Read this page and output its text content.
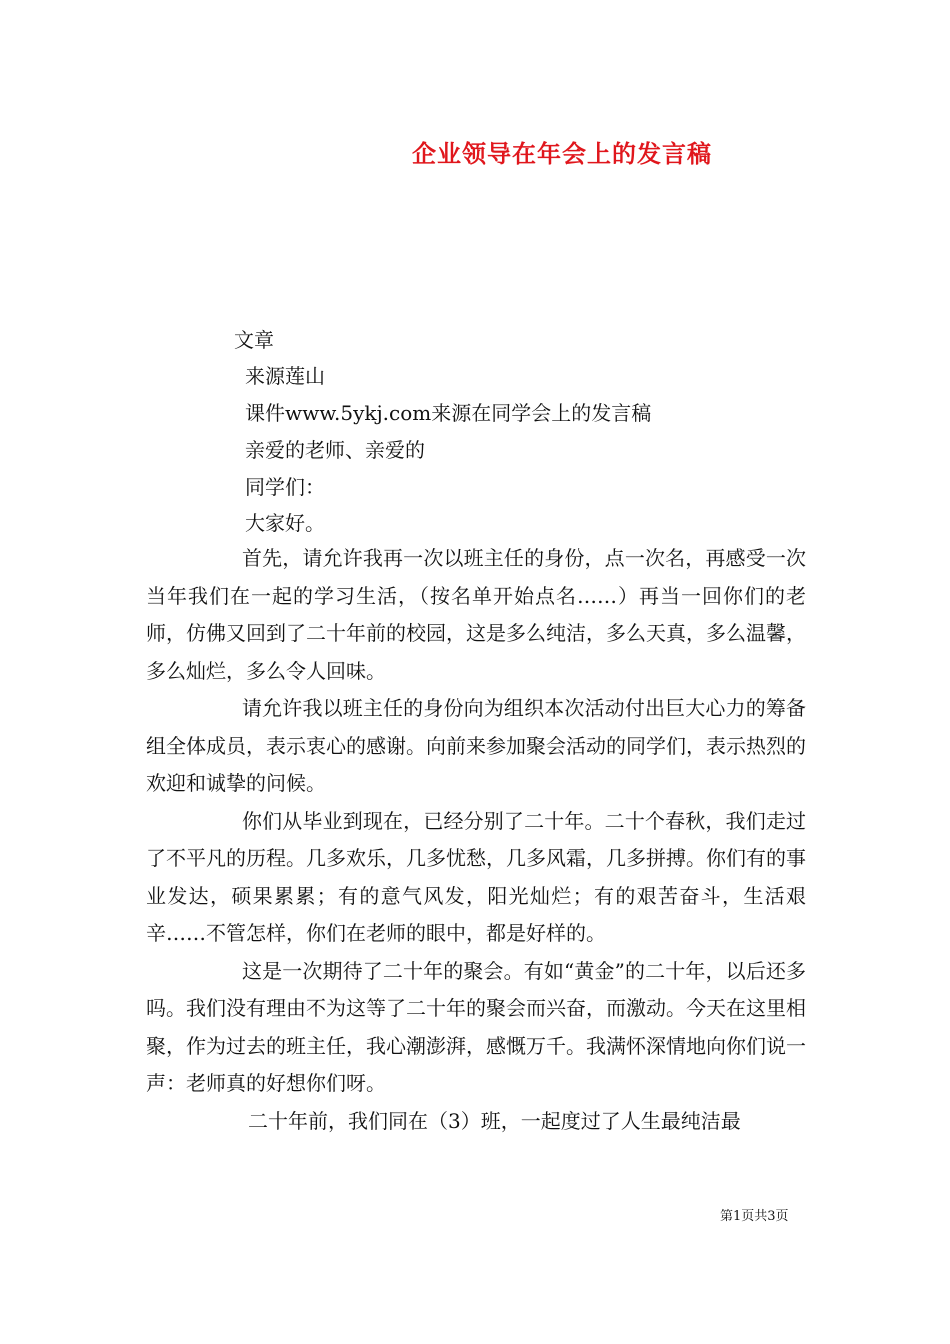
企业领导在年会上的发言稿
文章
来源莲山
课件www.5ykj.com来源在同学会上的发言稿
亲爱的老师、亲爱的
同学们：
大家好。

首先，请允许我再一次以班主任的身份，点一次名，再感受一次当年我们在一起的学习生活，（按名单开始点名……）再当一回你们的老师，仿佛又回到了二十年前的校园，这是多么纯洁，多么天真，多么温馨，多么灿烂，多么令人回味。

请允许我以班主任的身份向为组织本次活动付出巨大心力的筹备组全体成员，表示衷心的感谢。向前来参加聚会活动的同学们，表示热烈的欢迎和诚挚的问候。

你们从毕业到现在，已经分别了二十年。二十个春秋，我们走过了不平凡的历程。几多欢乐，几多忧愁，几多风霜，几多拼搏。你们有的事业发达，硕果累累；有的意气风发，阳光灿烂；有的艰苦奋斗，生活艰辛……不管怎样，你们在老师的眼中，都是好样的。

这是一次期待了二十年的聚会。有如“黄金”的二十年，以后还多吗。我们没有理由不为这等了二十年的聚会而兴奋，而激动。今天在这里相聚，作为过去的班主任，我心潮澎湃，感慨万千。我满怀深情地向你们说一声：老师真的好想你们呀。

二十年前，我们同在（3）班，一起度过了人生最纯洁最

第1页共3页
